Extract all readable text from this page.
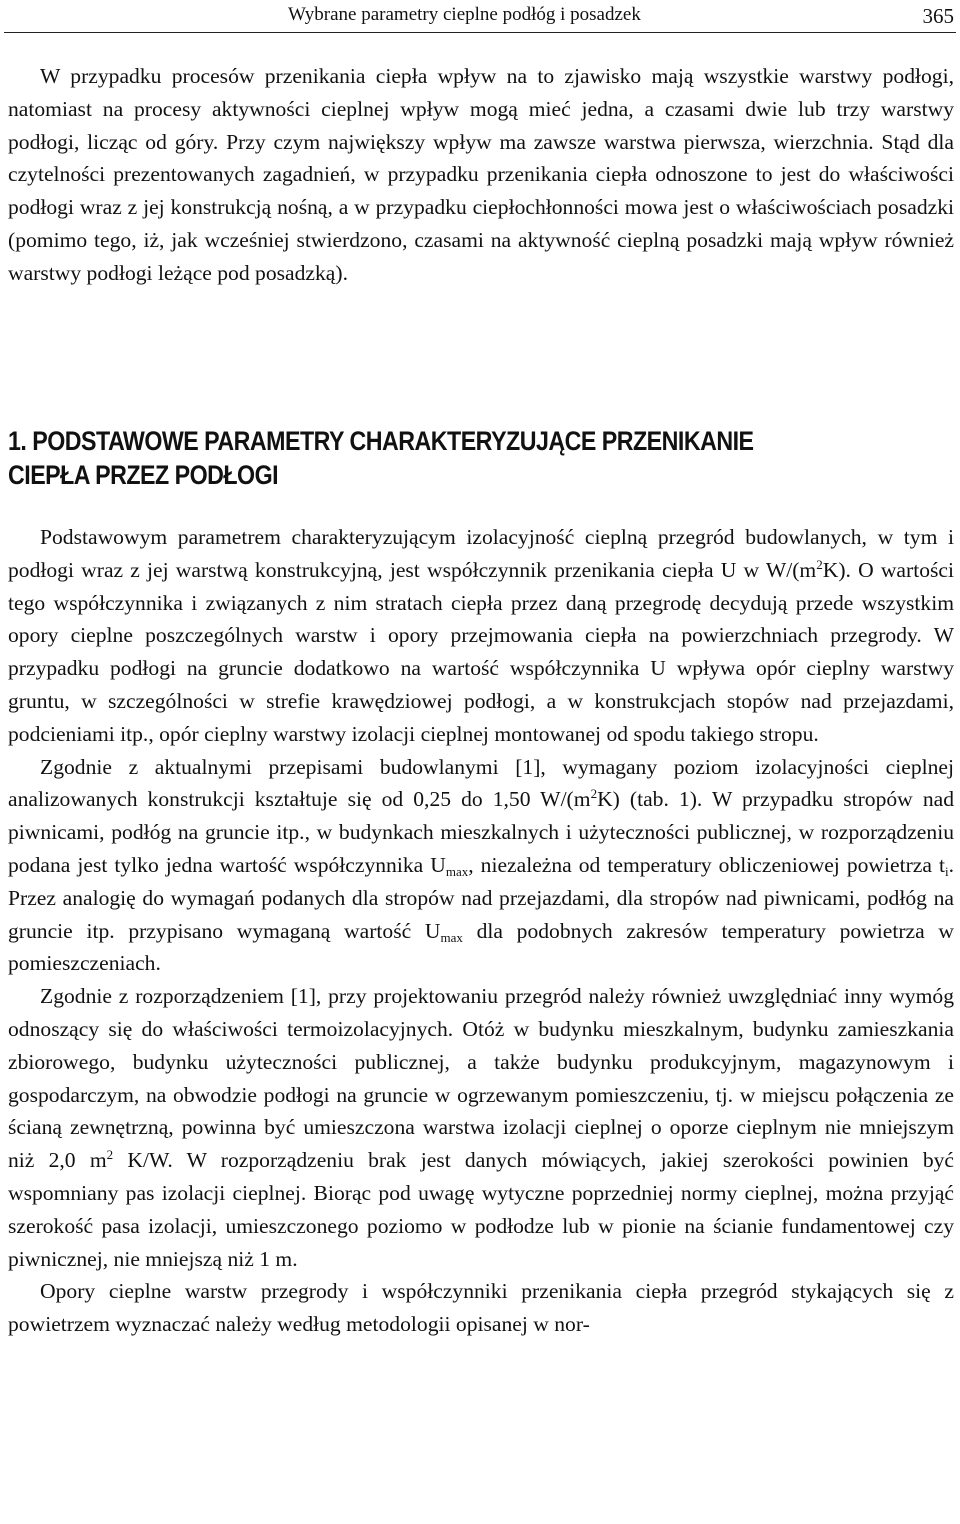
Wybrane parametry cieplne podłóg i posadzek	365

W przypadku procesów przenikania ciepła wpływ na to zjawisko mają wszystkie warstwy podłogi, natomiast na procesy aktywności cieplnej wpływ mogą mieć jedna, a czasami dwie lub trzy warstwy podłogi, licząc od góry. Przy czym największy wpływ ma zawsze warstwa pierwsza, wierzchnia. Stąd dla czytelności prezentowanych zagadnień, w przypadku przenikania ciepła odnoszone to jest do właściwości podłogi wraz z jej konstrukcją nośną, a w przypadku ciepłochłonności mowa jest o właściwościach posadzki (pomimo tego, iż, jak wcześniej stwierdzono, czasami na aktywność cieplną posadzki mają wpływ również warstwy podłogi leżące pod posadzką).

1. PODSTAWOWE PARAMETRY CHARAKTERYZUJĄCE PRZENIKANIE
CIEPŁA PRZEZ PODŁOGI

Podstawowym parametrem charakteryzującym izolacyjność cieplną przegród budowlanych, w tym i podłogi wraz z jej warstwą konstrukcyjną, jest współczynnik przenikania ciepła U w $W/(m^2K)$. O wartości tego współczynnika i związanych z nim stratach ciepła przez daną przegrodę decydują przede wszystkim opory cieplne poszczególnych warstw i opory przejmowania ciepła na powierzchniach przegrody. W przypadku podłogi na gruncie dodatkowo na wartość współczynnika U wpływa opór cieplny warstwy gruntu, w szczególności w strefie krawędziowej podłogi, a w konstrukcjach stopów nad przejazdami, podcieniami itp., opór cieplny warstwy izolacji cieplnej montowanej od spodu takiego stropu.

Zgodnie z aktualnymi przepisami budowlanymi [1], wymagany poziom izolacyjności cieplnej analizowanych konstrukcji kształtuje się od 0,25 do 1,50 $W/(m^2K)$ (tab. 1). W przypadku stropów nad piwnicami, podłóg na gruncie itp., w budynkach mieszkalnych i użyteczności publicznej, w rozporządzeniu podana jest tylko jedna wartość współczynnika $U_{max}$, niezależna od temperatury obliczeniowej powietrza $t_i$. Przez analogię do wymagań podanych dla stropów nad przejazdami, dla stropów nad piwnicami, podłóg na gruncie itp. przypisano wymaganą wartość $U_{max}$ dla podobnych zakresów temperatury powietrza w pomieszczeniach.

Zgodnie z rozporządzeniem [1], przy projektowaniu przegród należy również uwzględniać inny wymóg odnoszący się do właściwości termoizolacyjnych. Otóż w budynku mieszkalnym, budynku zamieszkania zbiorowego, budynku użyteczności publicznej, a także budynku produkcyjnym, magazynowym i gospodarczym, na obwodzie podłogi na gruncie w ogrzewanym pomieszczeniu, tj. w miejscu połączenia ze ścianą zewnętrzną, powinna być umieszczona warstwa izolacji cieplnej o oporze cieplnym nie mniejszym niż 2,0 $m^2$ K/W. W rozporządzeniu brak jest danych mówiących, jakiej szerokości powinien być wspomniany pas izolacji cieplnej. Biorąc pod uwagę wytyczne poprzedniej normy cieplnej, można przyjąć szerokość pasa izolacji, umieszczonego poziomo w podłodze lub w pionie na ścianie fundamentowej czy piwnicznej, nie mniejszą niż 1 m.

Opory cieplne warstw przegrody i współczynniki przenikania ciepła przegród stykających się z powietrzem wyznaczać należy według metodologii opisanej w nor-
